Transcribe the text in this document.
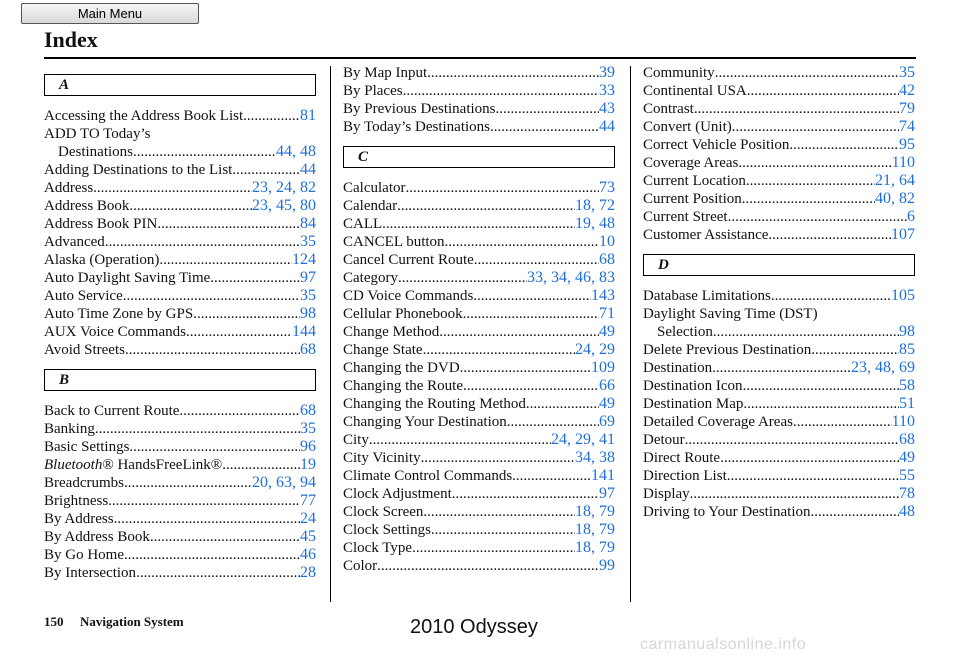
Main Menu
Index
A
Accessing the Address Book List .....	81
ADD TO Today’s
Destinations .....	44, 48
Adding Destinations to the List .....	44
Address .....	23, 24, 82
Address Book .....	23, 45, 80
Address Book PIN .....	84
Advanced .....	35
Alaska (Operation) .....	124
Auto Daylight Saving Time .....	97
Auto Service .....	35
Auto Time Zone by GPS .....	98
AUX Voice Commands .....	144
Avoid Streets .....	68
B
Back to Current Route .....	68
Banking .....	35
Basic Settings .....	96
Bluetooth® HandsFreeLink® .....	19
Breadcrumbs .....	20, 63, 94
Brightness .....	77
By Address .....	24
By Address Book .....	45
By Go Home .....	46
By Intersection .....	28
By Map Input .....	39
By Places .....	33
By Previous Destinations .....	43
By Today’s Destinations .....	44
C
Calculator .....	73
Calendar .....	18, 72
CALL .....	19, 48
CANCEL button .....	10
Cancel Current Route .....	68
Category .....	33, 34, 46, 83
CD Voice Commands .....	143
Cellular Phonebook .....	71
Change Method .....	49
Change State .....	24, 29
Changing the DVD .....	109
Changing the Route .....	66
Changing the Routing Method .....	49
Changing Your Destination .....	69
City .....	24, 29, 41
City Vicinity .....	34, 38
Climate Control Commands .....	141
Clock Adjustment .....	97
Clock Screen .....	18, 79
Clock Settings .....	18, 79
Clock Type .....	18, 79
Color .....	99
Community .....	35
Continental USA .....	42
Contrast .....	79
Convert (Unit) .....	74
Correct Vehicle Position .....	95
Coverage Areas .....	110
Current Location .....	21, 64
Current Position .....	40, 82
Current Street .....	6
Customer Assistance .....	107
D
Database Limitations .....	105
Daylight Saving Time (DST)
Selection .....	98
Delete Previous Destination .....	85
Destination .....	23, 48, 69
Destination Icon .....	58
Destination Map .....	51
Detailed Coverage Areas .....	110
Detour .....	68
Direct Route .....	49
Direction List .....	55
Display .....	78
Driving to Your Destination .....	48
150 Navigation System	2010 Odyssey
carmanualsonline.info
